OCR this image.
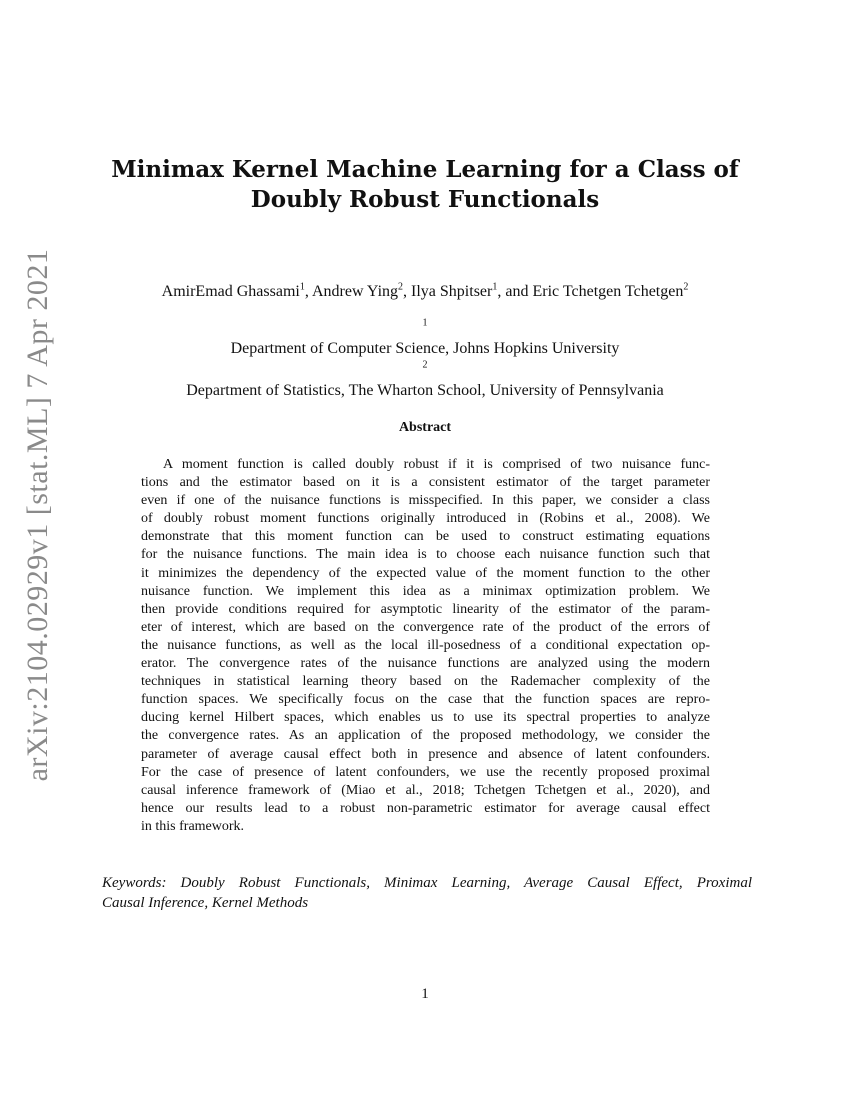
arXiv:2104.02929v1 [stat.ML] 7 Apr 2021
Minimax Kernel Machine Learning for a Class of
Doubly Robust Functionals
AmirEmad Ghassami$^1$, Andrew Ying$^2$, Ilya Shpitser$^1$, and Eric Tchetgen Tchetgen$^2$
$^1$
Department of Computer Science, Johns Hopkins University
$^2$
Department of Statistics, The Wharton School, University of Pennsylvania
Abstract
A moment function is called doubly robust if it is comprised of two nuisance func-
tions and the estimator based on it is a consistent estimator of the target parameter
even if one of the nuisance functions is misspecified. In this paper, we consider a class
of doubly robust moment functions originally introduced in (Robins et al., 2008). We
demonstrate that this moment function can be used to construct estimating equations
for the nuisance functions. The main idea is to choose each nuisance function such that
it minimizes the dependency of the expected value of the moment function to the other
nuisance function. We implement this idea as a minimax optimization problem. We
then provide conditions required for asymptotic linearity of the estimator of the param-
eter of interest, which are based on the convergence rate of the product of the errors of
the nuisance functions, as well as the local ill-posedness of a conditional expectation op-
erator. The convergence rates of the nuisance functions are analyzed using the modern
techniques in statistical learning theory based on the Rademacher complexity of the
function spaces. We specifically focus on the case that the function spaces are repro-
ducing kernel Hilbert spaces, which enables us to use its spectral properties to analyze
the convergence rates. As an application of the proposed methodology, we consider the
parameter of average causal effect both in presence and absence of latent confounders.
For the case of presence of latent confounders, we use the recently proposed proximal
causal inference framework of (Miao et al., 2018; Tchetgen Tchetgen et al., 2020), and
hence our results lead to a robust non-parametric estimator for average causal effect
in this framework.
Keywords: Doubly Robust Functionals, Minimax Learning, Average Causal Effect, Proximal
Causal Inference, Kernel Methods
1
